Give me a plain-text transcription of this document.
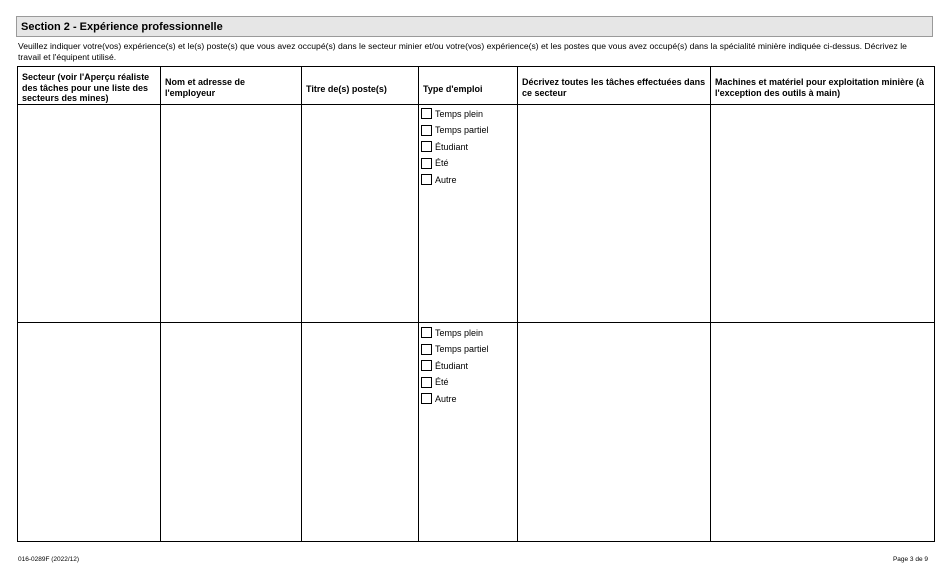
Section 2 - Expérience professionnelle
Veuillez indiquer votre(vos) expérience(s) et le(s) poste(s) que vous avez occupé(s) dans le secteur minier et/ou votre(vos) expérience(s) et les postes que vous avez occupé(s) dans la spécialité minière indiquée ci-dessus. Décrivez le travail et l'équipent utilisé.
Secteur (voir l'Aperçu réaliste des tâches pour une liste des secteurs des mines)	Nom et adresse de l'employeur	Titre de(s) poste(s)	Type d'emploi	Décrivez toutes les tâches effectuées dans ce secteur	Machines et matériel pour exploitation minière (à l'exception des outils à main)

			Temps plein
Temps partiel
Étudiant
Été
Autre		

			Temps plein
Temps partiel
Étudiant
Été
Autre		

016-0289F (2022/12)	Page 3 de 9
